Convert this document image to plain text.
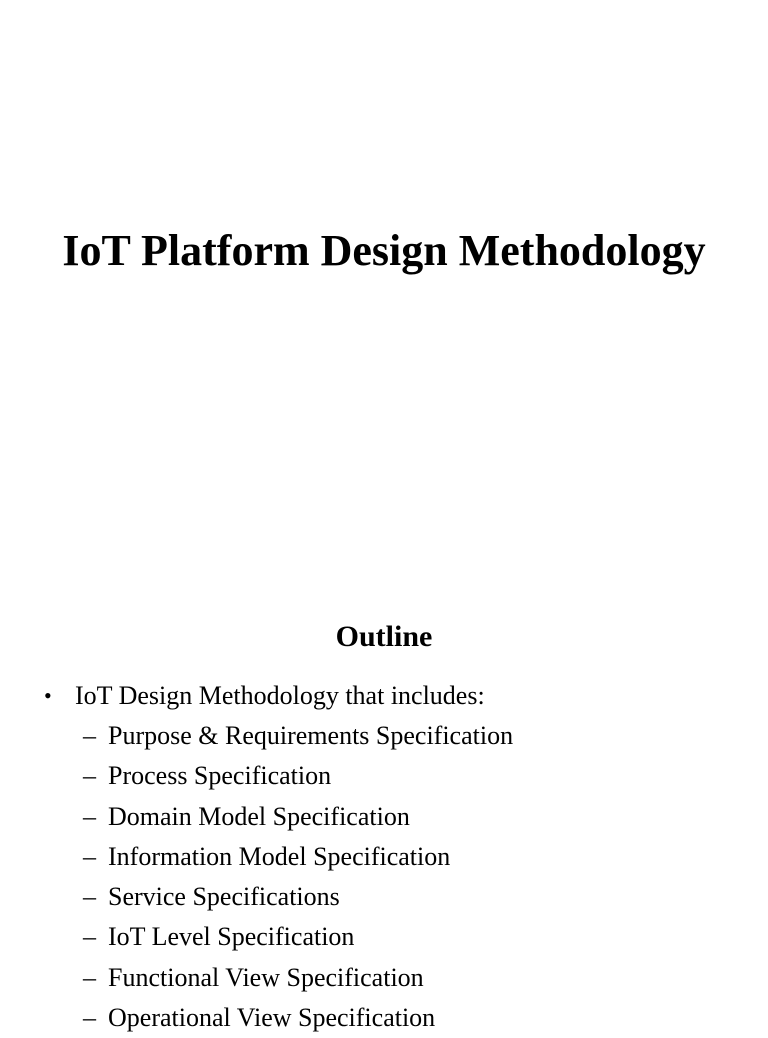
IoT Platform Design Methodology
Outline
• IoT Design Methodology that includes:
– Purpose & Requirements Specification
– Process Specification
– Domain Model Specification
– Information Model Specification
– Service Specifications
– IoT Level Specification
– Functional View Specification
– Operational View Specification
